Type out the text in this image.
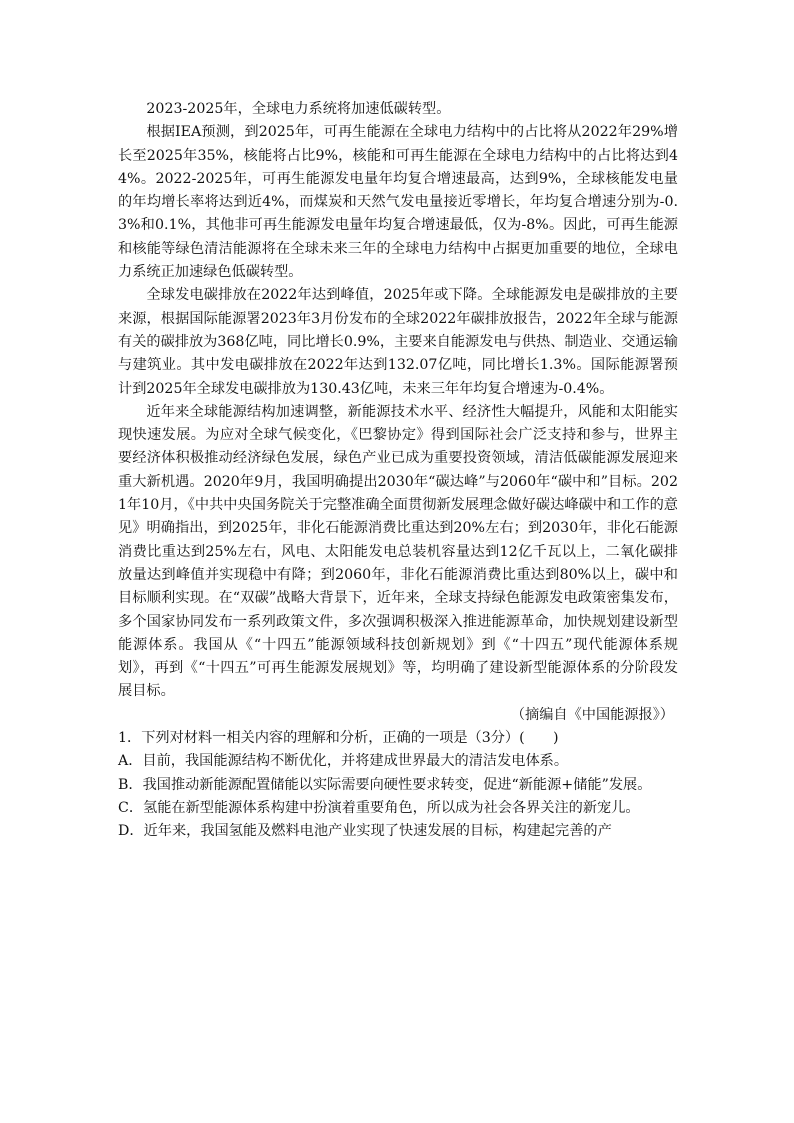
2023-2025年，全球电力系统将加速低碳转型。

根据IEA预测，到2025年，可再生能源在全球电力结构中的占比将从2022年29%增长至2025年35%，核能将占比9%，核能和可再生能源在全球电力结构中的占比将达到44%。2022-2025年，可再生能源发电量年均复合增速最高，达到9%，全球核能发电量的年均增长率将达到近4%，而煤炭和天然气发电量接近零增长，年均复合增速分别为-0.3%和0.1%，其他非可再生能源发电量年均复合增速最低，仅为-8%。因此，可再生能源和核能等绿色清洁能源将在全球未来三年的全球电力结构中占据更加重要的地位，全球电力系统正加速绿色低碳转型。

全球发电碳排放在2022年达到峰值，2025年或下降。全球能源发电是碳排放的主要来源，根据国际能源署2023年3月份发布的全球2022年碳排放报告，2022年全球与能源有关的碳排放为368亿吨，同比增长0.9%，主要来自能源发电与供热、制造业、交通运输与建筑业。其中发电碳排放在2022年达到132.07亿吨，同比增长1.3%。国际能源署预计到2025年全球发电碳排放为130.43亿吨，未来三年年均复合增速为-0.4%。

近年来全球能源结构加速调整，新能源技术水平、经济性大幅提升，风能和太阳能实现快速发展。为应对全球气候变化，《巴黎协定》得到国际社会广泛支持和参与，世界主要经济体积极推动经济绿色发展，绿色产业已成为重要投资领域，清洁低碳能源发展迎来重大新机遇。2020年9月，我国明确提出2030年“碳达峰”与2060年“碳中和”目标。2021年10月，《中共中央国务院关于完整准确全面贯彻新发展理念做好碳达峰碳中和工作的意见》明确指出，到2025年，非化石能源消费比重达到20%左右；到2030年，非化石能源消费比重达到25%左右，风电、太阳能发电总装机容量达到12亿千瓦以上，二氧化碳排放量达到峰值并实现稳中有降；到2060年，非化石能源消费比重达到80%以上，碳中和目标顺利实现。在“双碳”战略大背景下，近年来，全球支持绿色能源发电政策密集发布，多个国家协同发布一系列政策文件，多次强调积极深入推进能源革命，加快规划建设新型能源体系。我国从《“十四五”能源领域科技创新规划》到《“十四五”现代能源体系规划》，再到《“十四五”可再生能源发展规划》等，均明确了建设新型能源体系的分阶段发展目标。

（摘编自《中国能源报》）

1．下列对材料一相关内容的理解和分析，正确的一项是（3分）(　　)

A．目前，我国能源结构不断优化，并将建成世界最大的清洁发电体系。

B．我国推动新能源配置储能以实际需要向硬性要求转变，促进“新能源+储能”发展。

C．氢能在新型能源体系构建中扮演着重要角色，所以成为社会各界关注的新宠儿。

D．近年来，我国氢能及燃料电池产业实现了快速发展的目标，构建起完善的产
